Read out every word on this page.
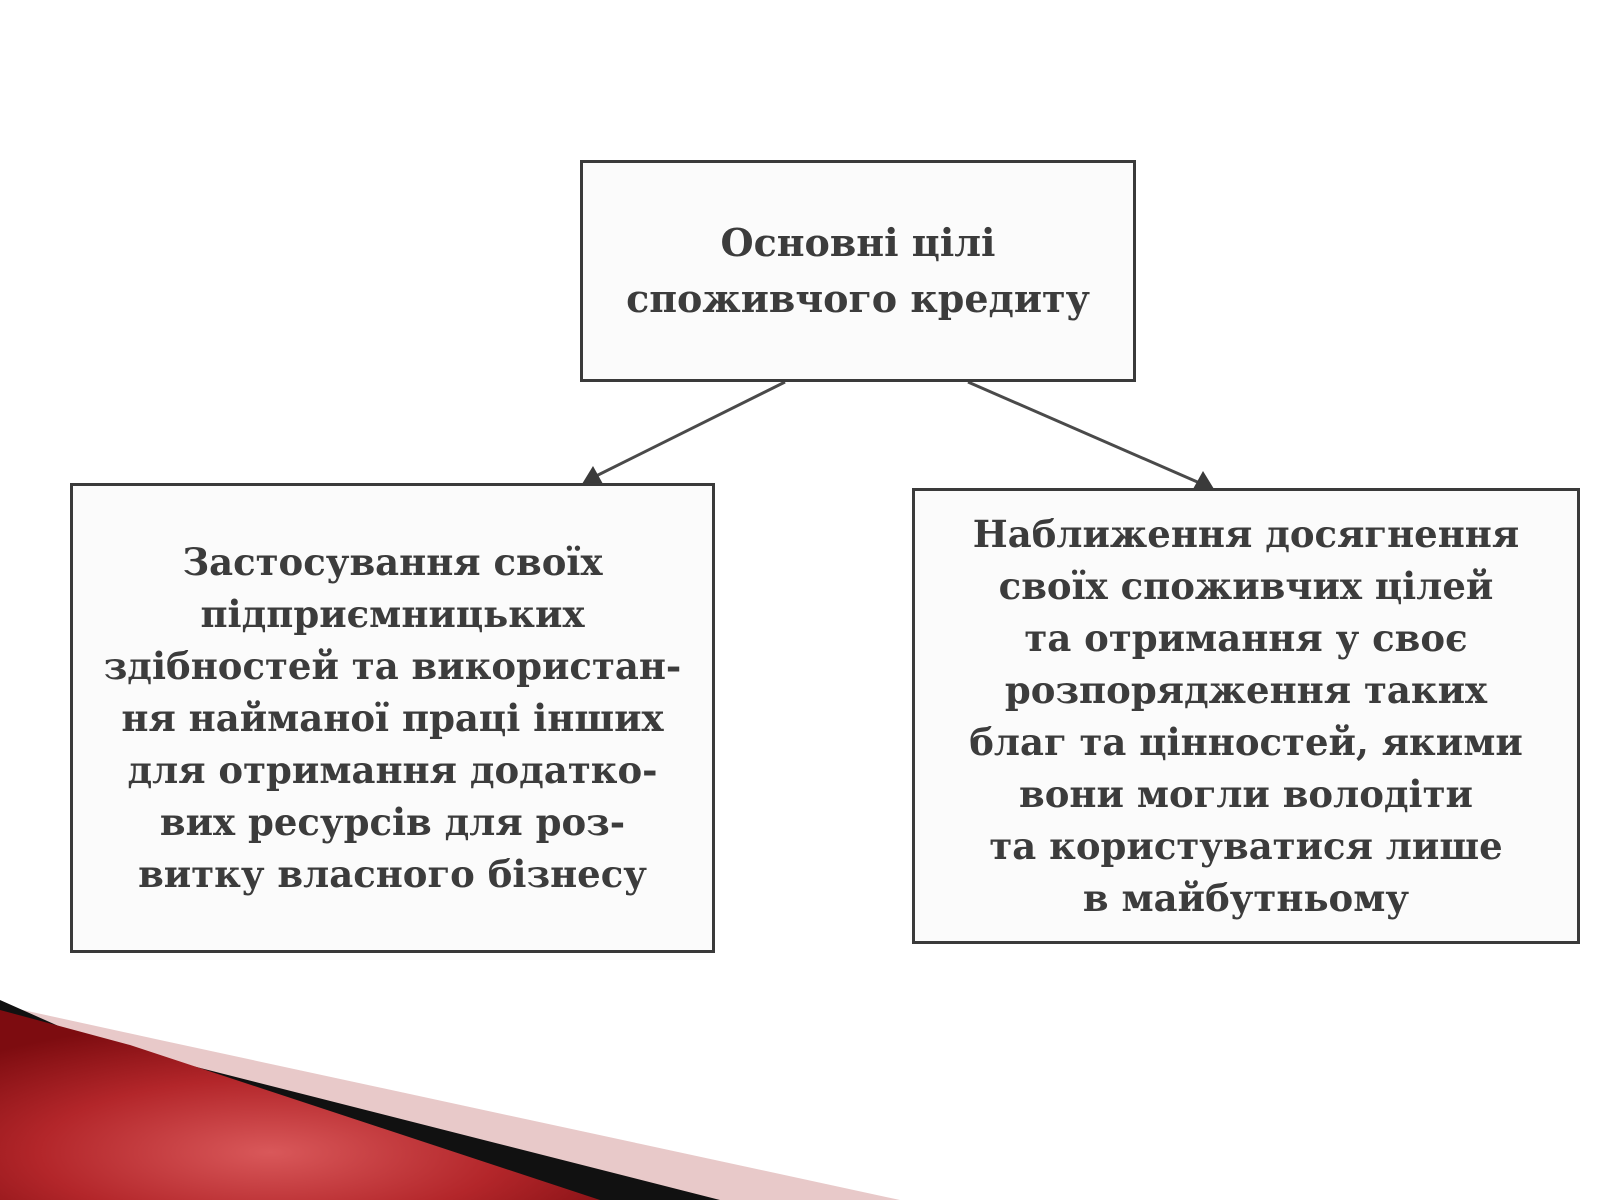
Основні цілі
споживчого кредиту
Застосування своїх
підприємницьких
здібностей та використан-
ня найманої праці інших
для отримання додатко-
вих ресурсів для роз-
витку власного бізнесу
Наближення досягнення
своїх споживчих цілей
та отримання у своє
розпорядження таких
благ та цінностей, якими
вони могли володіти
та користуватися лише
в майбутньому
